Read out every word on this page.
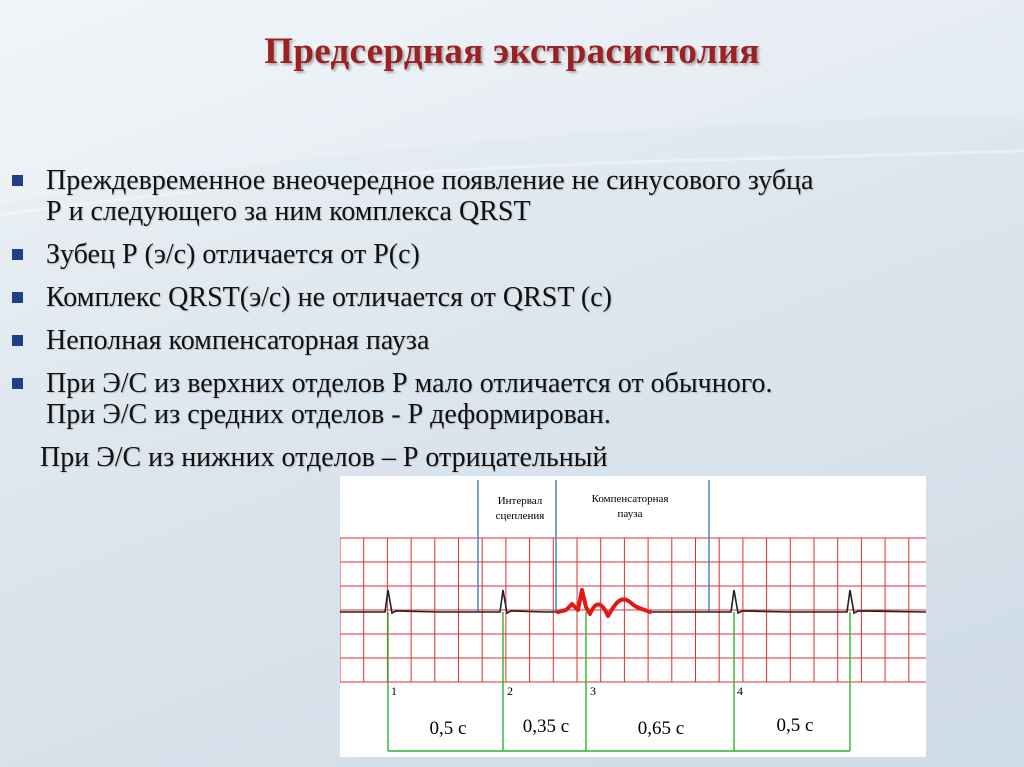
Предсердная экстрасистолия
Преждевременное внеочередное появление не синусового зубца
Р и следующего за ним комплекса QRST
Зубец Р (э/с) отличается от Р(с)
Комплекс QRST(э/с) не отличается от QRST (с)
Неполная компенсаторная пауза
При Э/С из верхних отделов Р мало отличается от обычного.
При Э/С из средних отделов - Р деформирован.
При Э/С из нижних отделов – Р отрицательный
Интервал
сцепления
Компенсаторная
пауза
1	2	3	4
0,5 с	0,35 с	0,65 с	0,5 с
